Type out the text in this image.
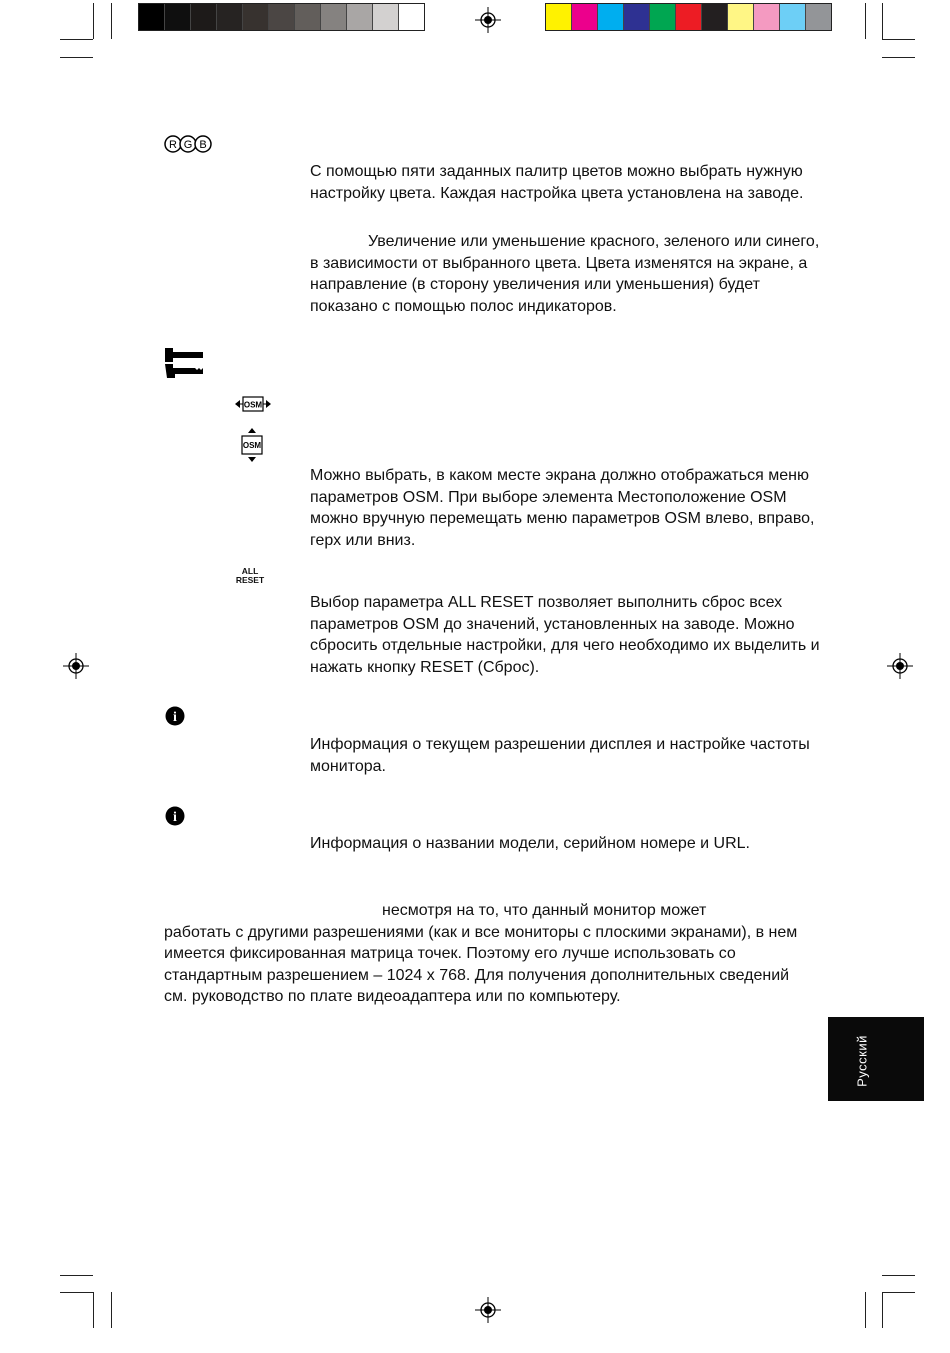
R G B

С помощью пяти заданных палитр цветов можно выбрать нужную настройку цвета. Каждая настройка цвета установлена на заводе.

Увеличение или уменьшение красного, зеленого или синего, в зависимости от выбранного цвета. Цвета изменятся на экране, а направление (в сторону увеличения или уменьшения) будет показано с помощью полос индикаторов.

OSM
OSM

Можно выбрать, в каком месте экрана должно отображаться меню параметров OSM. При выборе элемента Местоположение OSM можно вручную перемещать меню параметров OSM влево, вправо, герх или вниз.

ALL
RESET

Выбор параметра ALL RESET позволяет выполнить сброс всех параметров OSM до значений, установленных на заводе. Можно сбросить отдельные настройки, для чего необходимо их выделить и нажать кнопку RESET (Сброс).

i

Информация о текущем разрешении дисплея и настройке частоты монитора.

i

Информация о названии модели, серийном номере и URL.

несмотря на то, что данный монитор может

работать с другими разрешениями (как и все мониторы с плоскими экранами), в нем имеется фиксированная матрица точек. Поэтому его лучше использовать со стандартным разрешением – 1024 x 768. Для получения дополнительных сведений см. руководство по плате видеоадаптера или по компьютеру.

Русский
